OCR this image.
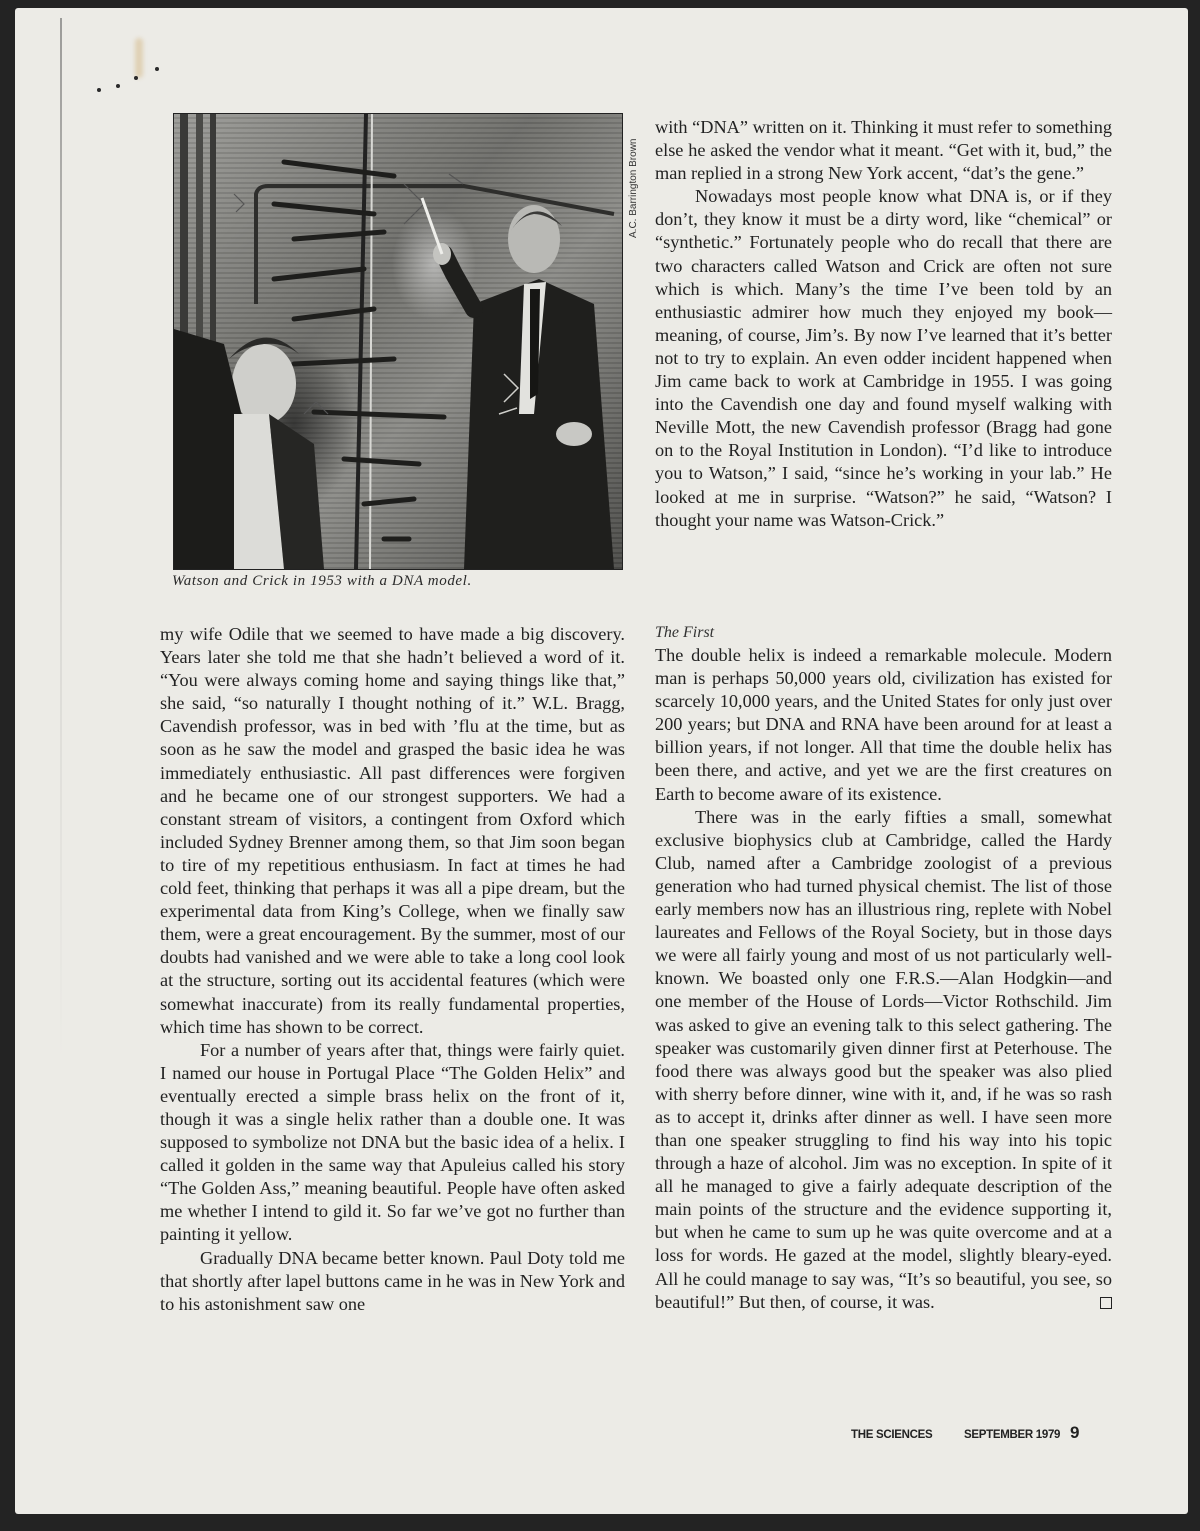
A.C. Barrington Brown
Watson and Crick in 1953 with a DNA model.

with “DNA” written on it. Thinking it must refer to something else he asked the vendor what it meant. “Get with it, bud,” the man replied in a strong New York accent, “dat’s the gene.”

Nowadays most people know what DNA is, or if they don’t, they know it must be a dirty word, like “chemical” or “synthetic.” Fortunately people who do recall that there are two characters called Watson and Crick are often not sure which is which. Many’s the time I’ve been told by an enthusiastic admirer how much they enjoyed my book—meaning, of course, Jim’s. By now I’ve learned that it’s better not to try to explain. An even odder incident happened when Jim came back to work at Cambridge in 1955. I was going into the Cavendish one day and found myself walking with Neville Mott, the new Cavendish professor (Bragg had gone on to the Royal Institution in London). “I’d like to introduce you to Watson,” I said, “since he’s working in your lab.” He looked at me in surprise. “Watson?” he said, “Watson? I thought your name was Watson-Crick.”

my wife Odile that we seemed to have made a big discovery. Years later she told me that she hadn’t believed a word of it. “You were always coming home and saying things like that,” she said, “so naturally I thought nothing of it.” W.L. Bragg, Cavendish professor, was in bed with ’flu at the time, but as soon as he saw the model and grasped the basic idea he was immediately enthusiastic. All past differences were forgiven and he became one of our strongest supporters. We had a constant stream of visitors, a contingent from Oxford which included Sydney Brenner among them, so that Jim soon began to tire of my repetitious enthusiasm. In fact at times he had cold feet, thinking that perhaps it was all a pipe dream, but the experimental data from King’s College, when we finally saw them, were a great encouragement. By the summer, most of our doubts had vanished and we were able to take a long cool look at the structure, sorting out its accidental features (which were somewhat inaccurate) from its really fundamental properties, which time has shown to be correct.

For a number of years after that, things were fairly quiet. I named our house in Portugal Place “The Golden Helix” and eventually erected a simple brass helix on the front of it, though it was a single helix rather than a double one. It was supposed to symbolize not DNA but the basic idea of a helix. I called it golden in the same way that Apuleius called his story “The Golden Ass,” meaning beautiful. People have often asked me whether I intend to gild it. So far we’ve got no further than painting it yellow.

Gradually DNA became better known. Paul Doty told me that shortly after lapel buttons came in he was in New York and to his astonishment saw one

The First

The double helix is indeed a remarkable molecule. Modern man is perhaps 50,000 years old, civilization has existed for scarcely 10,000 years, and the United States for only just over 200 years; but DNA and RNA have been around for at least a billion years, if not longer. All that time the double helix has been there, and active, and yet we are the first creatures on Earth to become aware of its existence.

There was in the early fifties a small, somewhat exclusive biophysics club at Cambridge, called the Hardy Club, named after a Cambridge zoologist of a previous generation who had turned physical chemist. The list of those early members now has an illustrious ring, replete with Nobel laureates and Fellows of the Royal Society, but in those days we were all fairly young and most of us not particularly well-known. We boasted only one F.R.S.—Alan Hodgkin—and one member of the House of Lords—Victor Rothschild. Jim was asked to give an evening talk to this select gathering. The speaker was customarily given dinner first at Peterhouse. The food there was always good but the speaker was also plied with sherry before dinner, wine with it, and, if he was so rash as to accept it, drinks after dinner as well. I have seen more than one speaker struggling to find his way into his topic through a haze of alcohol. Jim was no exception. In spite of it all he managed to give a fairly adequate description of the main points of the structure and the evidence supporting it, but when he came to sum up he was quite overcome and at a loss for words. He gazed at the model, slightly bleary-eyed. All he could manage to say was, “It’s so beautiful, you see, so beautiful!” But then, of course, it was.

THE SCIENCES	SEPTEMBER 1979 9
